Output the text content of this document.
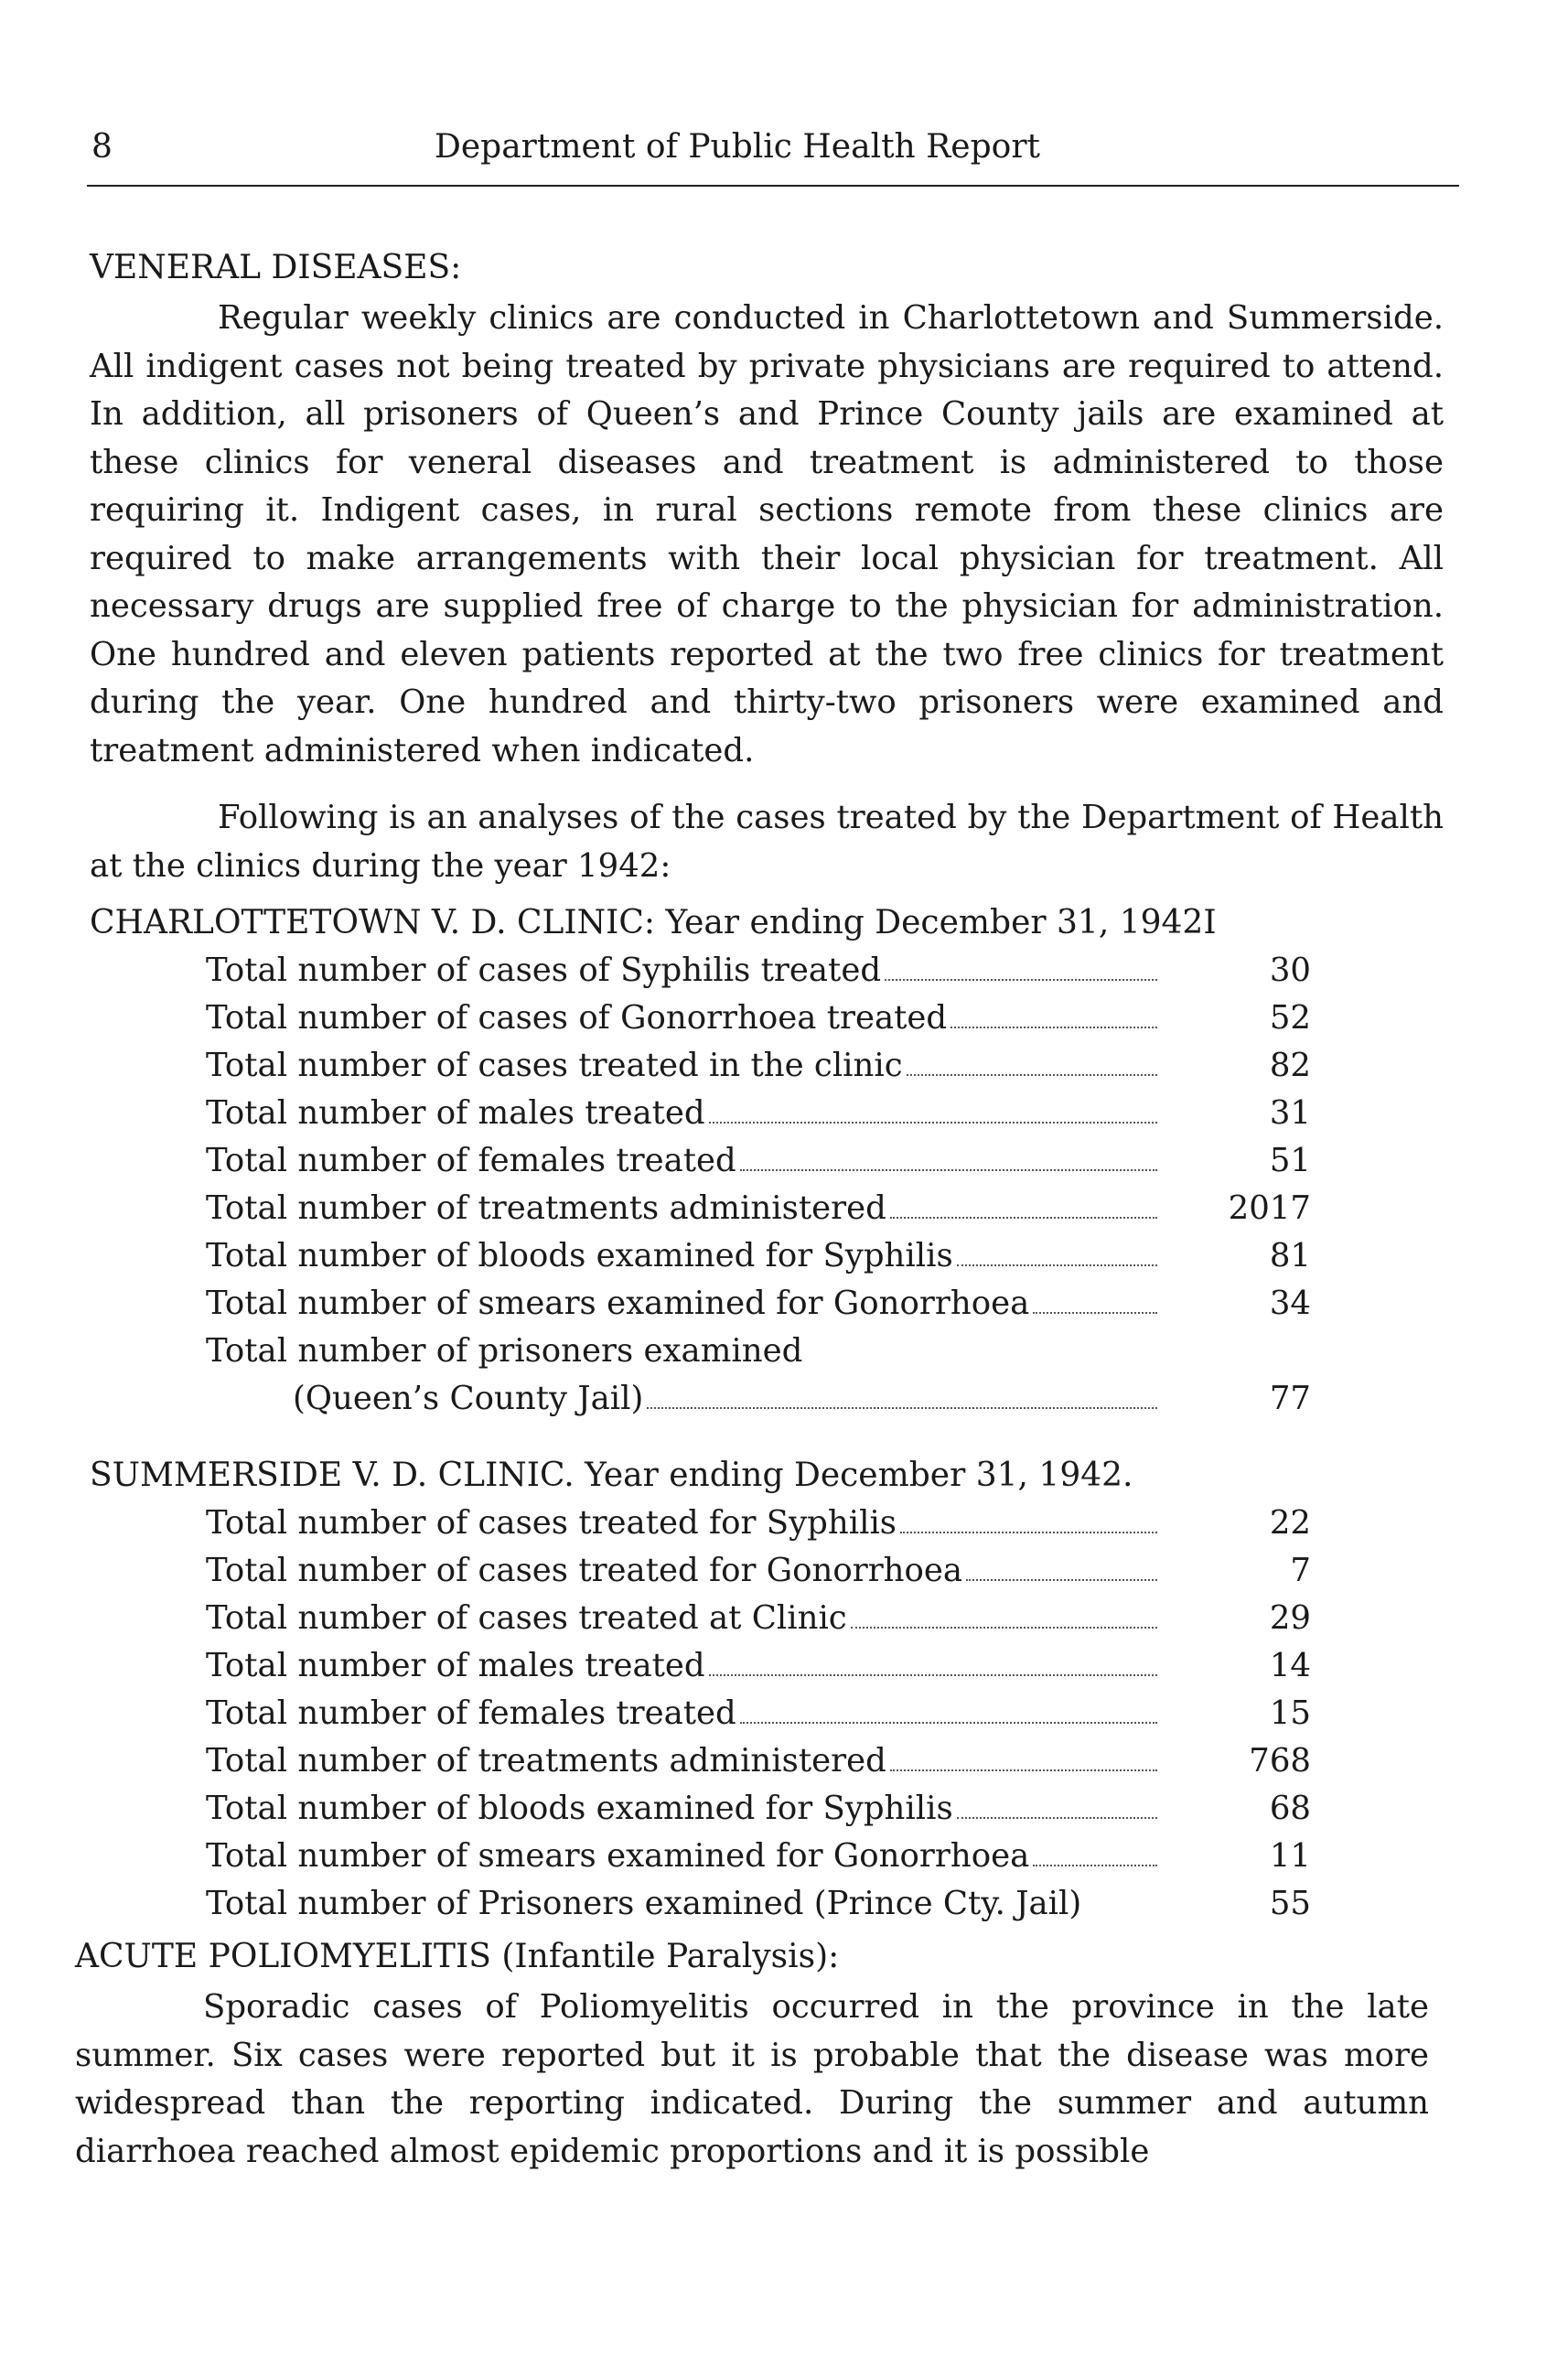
8	Department of Public Health Report
VENERAL DISEASES:

Regular weekly clinics are conducted in Charlottetown and Summerside. All indigent cases not being treated by private physicians are required to attend. In addition, all prisoners of Queen’s and Prince County jails are examined at these clinics for veneral diseases and treatment is administered to those requiring it. Indigent cases, in rural sections remote from these clinics are required to make arrangements with their local physician for treatment. All necessary drugs are supplied free of charge to the physician for administration. One hundred and eleven patients reported at the two free clinics for treatment during the year. One hundred and thirty-two prisoners were examined and treatment administered when indicated.

Following is an analyses of the cases treated by the Department of Health at the clinics during the year 1942:

CHARLOTTETOWN V. D. CLINIC: Year ending December 31, 1942I
Total number of cases of Syphilis treated	30
Total number of cases of Gonorrhoea treated	52
Total number of cases treated in the clinic	82
Total number of males treated	31
Total number of females treated	51
Total number of treatments administered	2017
Total number of bloods examined for Syphilis	81
Total number of smears examined for Gonorrhoea	34
Total number of prisoners examined
(Queen’s County Jail)	77
SUMMERSIDE V. D. CLINIC. Year ending December 31, 1942.
Total number of cases treated for Syphilis	22
Total number of cases treated for Gonorrhoea	7
Total number of cases treated at Clinic	29
Total number of males treated	14
Total number of females treated	15
Total number of treatments administered	768
Total number of bloods examined for Syphilis	68
Total number of smears examined for Gonorrhoea	11
Total number of Prisoners examined (Prince Cty. Jail)	55
ACUTE POLIOMYELITIS (Infantile Paralysis):

Sporadic cases of Poliomyelitis occurred in the province in the late summer. Six cases were reported but it is probable that the disease was more widespread than the reporting indicated. During the summer and autumn diarrhoea reached almost epidemic proportions and it is possible
